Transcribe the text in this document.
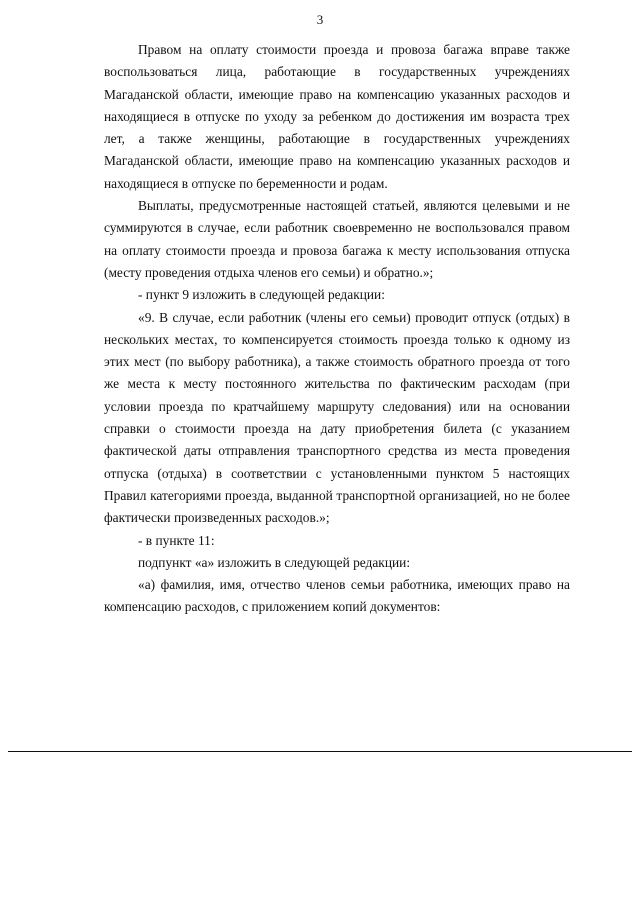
3

Правом на оплату стоимости проезда и провоза багажа вправе также воспользоваться лица, работающие в государственных учреждениях Магаданской области, имеющие право на компенсацию указанных расходов и находящиеся в отпуске по уходу за ребенком до достижения им возраста трех лет, а также женщины, работающие в государственных учреждениях Магаданской области, имеющие право на компенсацию указанных расходов и находящиеся в отпуске по беременности и родам.

Выплаты, предусмотренные настоящей статьей, являются целевыми и не суммируются в случае, если работник своевременно не воспользовался правом на оплату стоимости проезда и провоза багажа к месту использования отпуска (месту проведения отдыха членов его семьи) и обратно.»;

- пункт 9 изложить в следующей редакции:

«9. В случае, если работник (члены его семьи) проводит отпуск (отдых) в нескольких местах, то компенсируется стоимость проезда только к одному из этих мест (по выбору работника), а также стоимость обратного проезда от того же места к месту постоянного жительства по фактическим расходам (при условии проезда по кратчайшему маршруту следования) или на основании справки о стоимости проезда на дату приобретения билета (с указанием фактической даты отправления транспортного средства из места проведения отпуска (отдыха) в соответствии с установленными пунктом 5 настоящих Правил категориями проезда, выданной транспортной организацией, но не более фактически произведенных расходов.»;

- в пункте 11:

подпункт «а» изложить в следующей редакции:

«а) фамилия, имя, отчество членов семьи работника, имеющих право на компенсацию расходов, с приложением копий документов:
